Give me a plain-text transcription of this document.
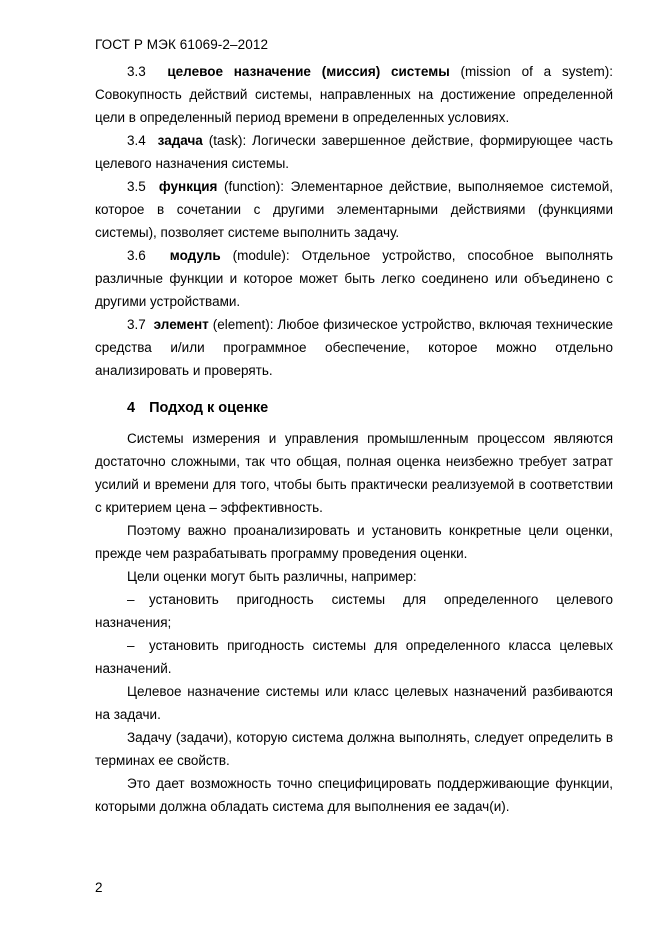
ГОСТ Р МЭК 61069-2–2012

3.3 целевое назначение (миссия) системы (mission of a system): Совокупность действий системы, направленных на достижение определенной цели в определенный период времени в определенных условиях.

3.4 задача (task): Логически завершенное действие, формирующее часть целевого назначения системы.

3.5 функция (function): Элементарное действие, выполняемое системой, которое в сочетании с другими элементарными действиями (функциями системы), позволяет системе выполнить задачу.

3.6 модуль (module): Отдельное устройство, способное выполнять различные функции и которое может быть легко соединено или объединено с другими устройствами.

3.7 элемент (element): Любое физическое устройство, включая технические средства и/или программное обеспечение, которое можно отдельно анализировать и проверять.

4 Подход к оценке

Системы измерения и управления промышленным процессом являются достаточно сложными, так что общая, полная оценка неизбежно требует затрат усилий и времени для того, чтобы быть практически реализуемой в соответствии с критерием цена – эффективность.

Поэтому важно проанализировать и установить конкретные цели оценки, прежде чем разрабатывать программу проведения оценки.

Цели оценки могут быть различны, например:

– установить пригодность системы для определенного целевого назначения;

– установить пригодность системы для определенного класса целевых назначений.

Целевое назначение системы или класс целевых назначений разбиваются на задачи.

Задачу (задачи), которую система должна выполнять, следует определить в терминах ее свойств.

Это дает возможность точно специфицировать поддерживающие функции, которыми должна обладать система для выполнения ее задач(и).

2
